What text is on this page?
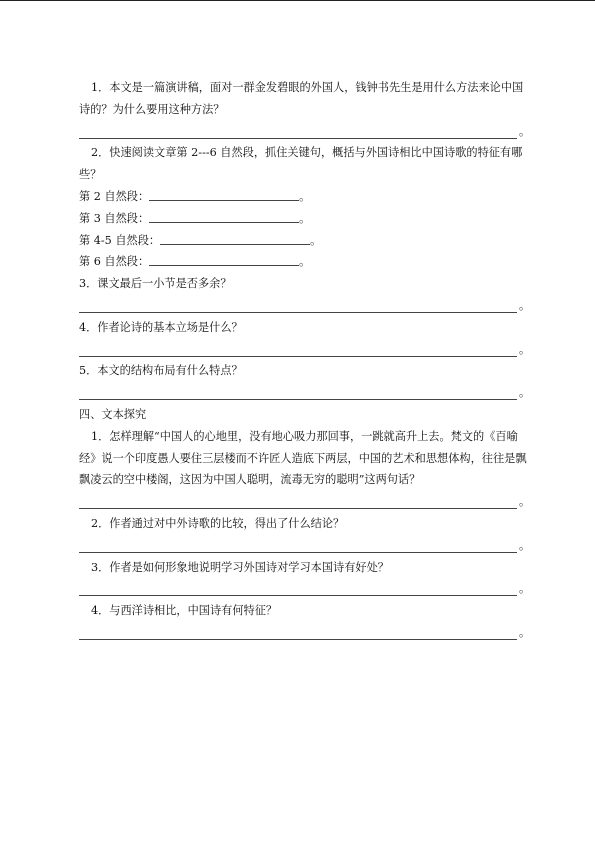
1．本文是一篇演讲稿，面对一群金发碧眼的外国人，钱钟书先生是用什么方法来论中国
诗的？为什么要用这种方法？
。
2．快速阅读文章第 2---6 自然段，抓住关键句，概括与外国诗相比中国诗歌的特征有哪
些？
第 2 自然段：	。
第 3 自然段：	。
第 4-5 自然段：	。
第 6 自然段：	。
3．课文最后一小节是否多余？
。
4．作者论诗的基本立场是什么？
。
5．本文的结构布局有什么特点？
。
四、文本探究
1．怎样理解“中国人的心地里，没有地心吸力那回事，一跳就高升上去。梵文的《百喻
经》说一个印度愚人要住三层楼而不许匠人造底下两层，中国的艺术和思想体构，往往是飘
飘凌云的空中楼阁，这因为中国人聪明，流毒无穷的聪明”这两句话？
。
2．作者通过对中外诗歌的比较，得出了什么结论？
。
3．作者是如何形象地说明学习外国诗对学习本国诗有好处？
。
4．与西洋诗相比，中国诗有何特征？
。
